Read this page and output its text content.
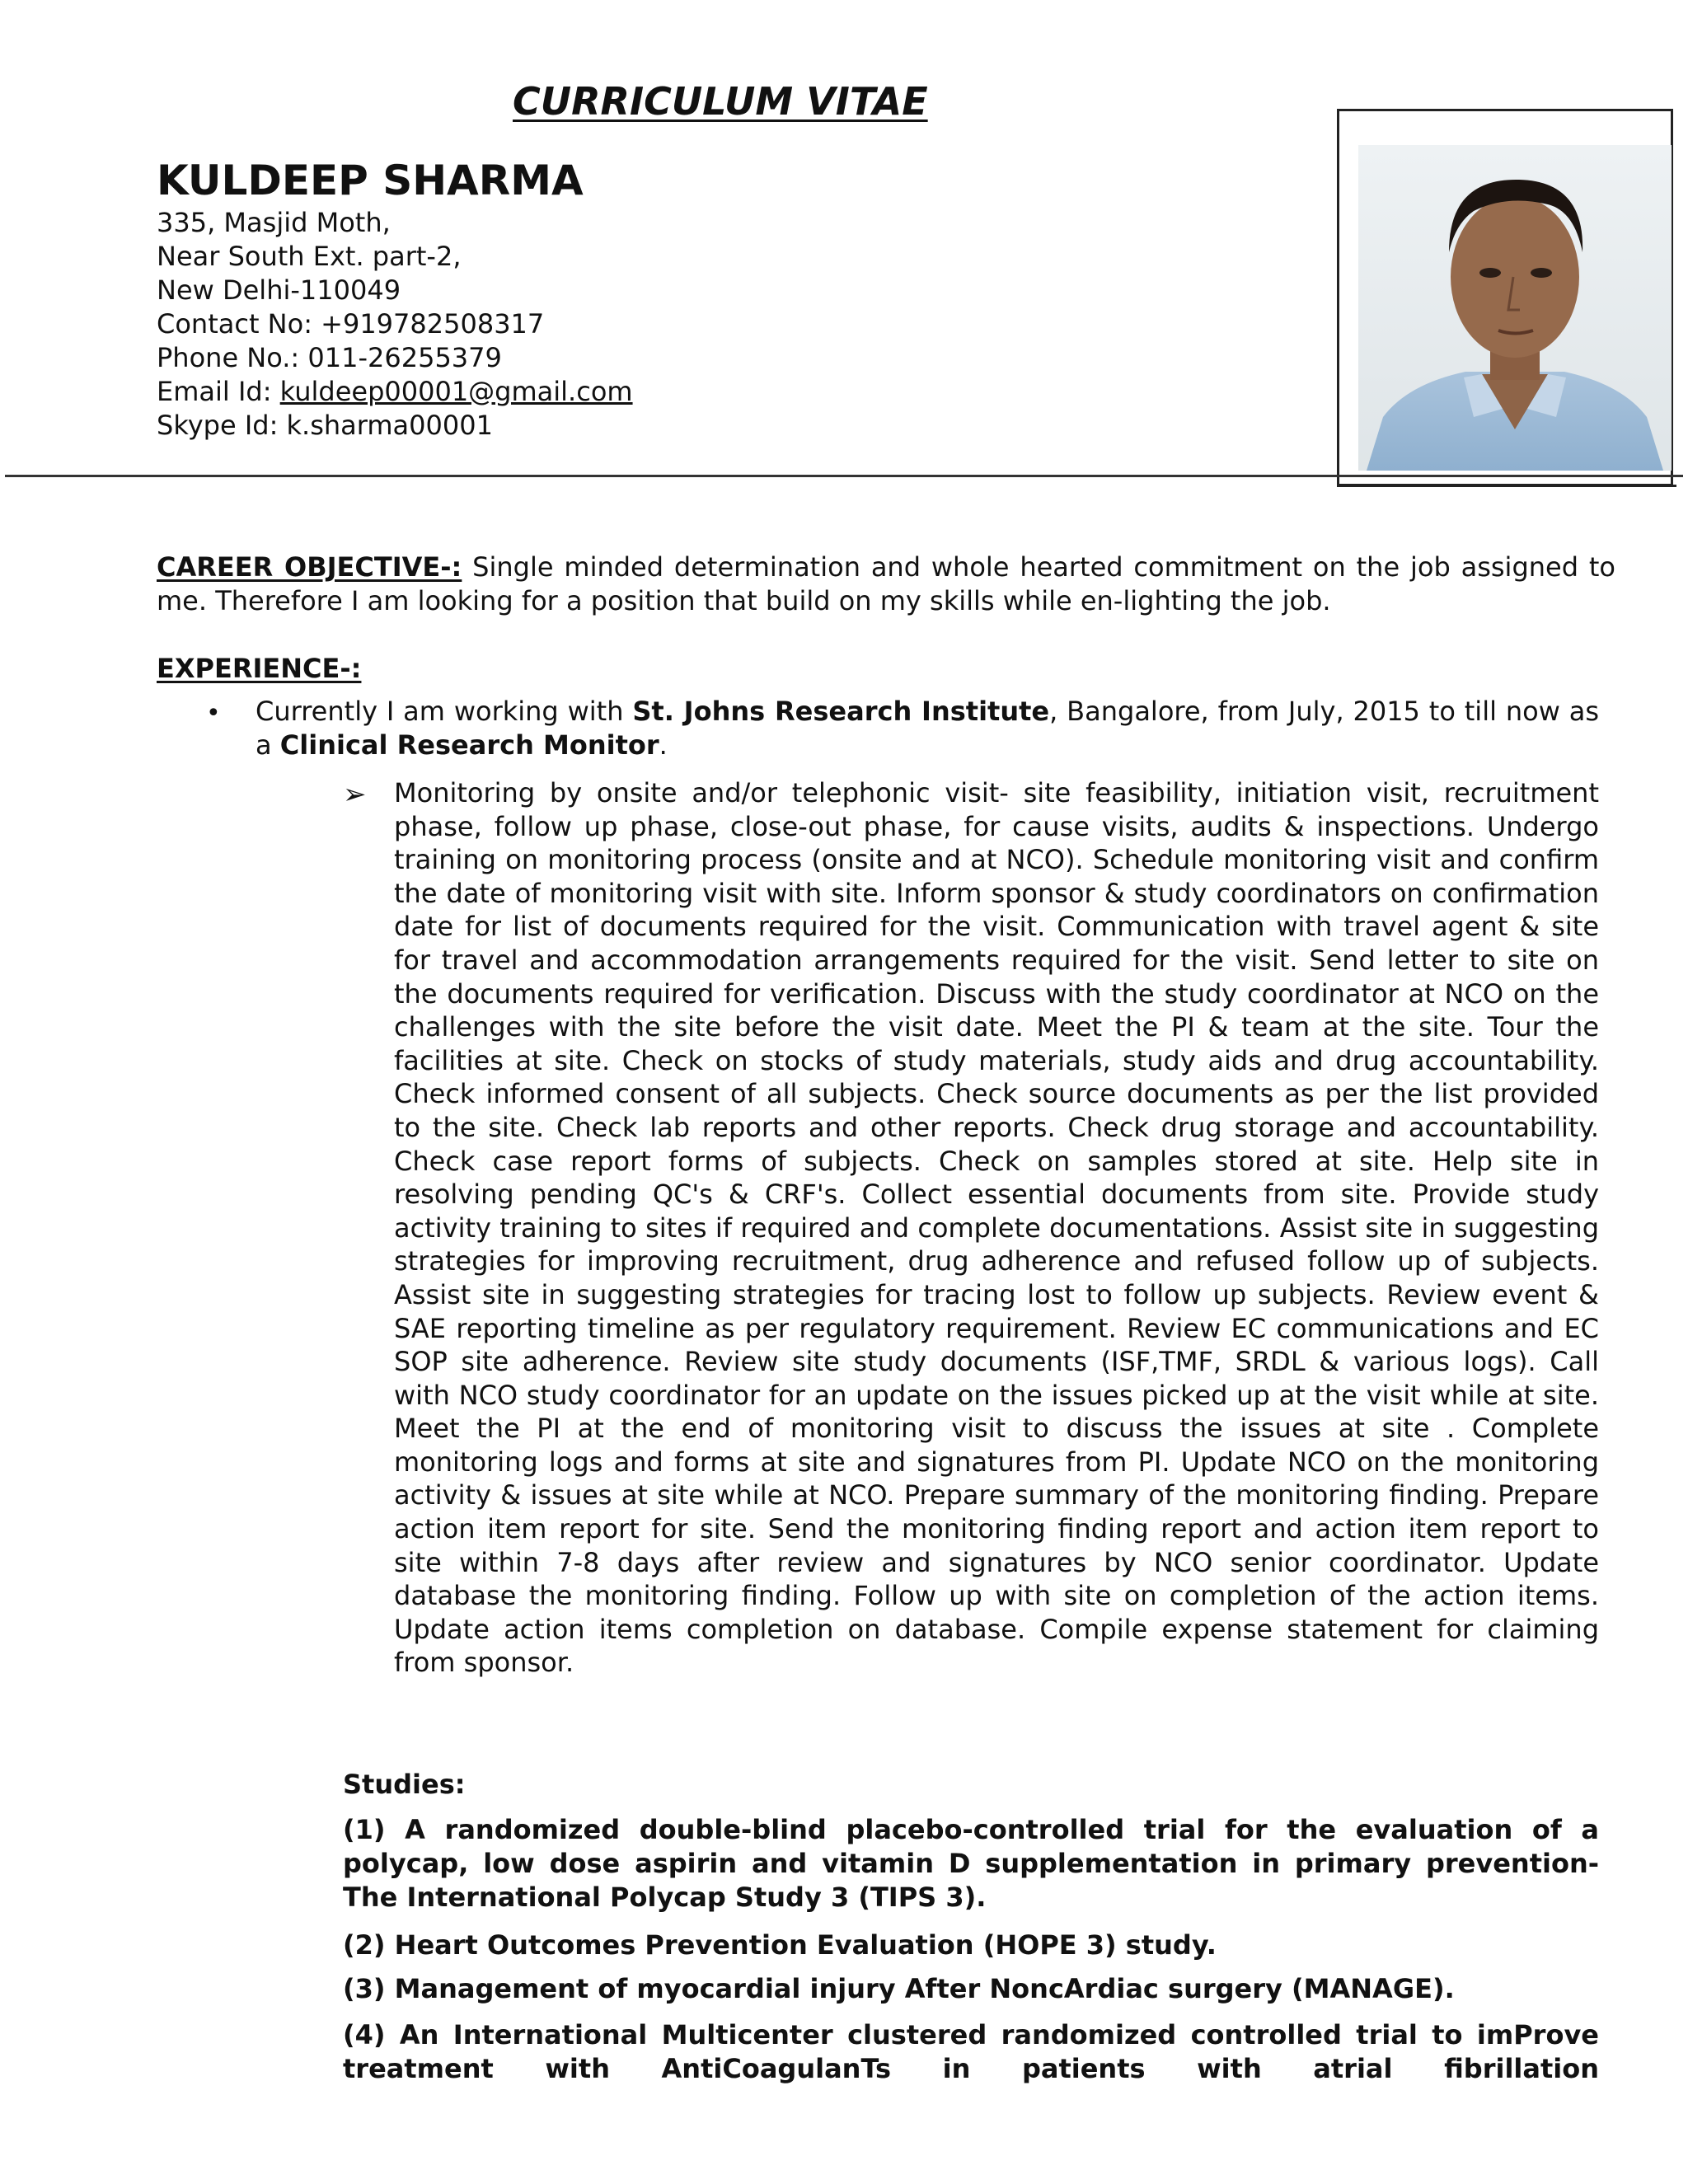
CURRICULUM VITAE
KULDEEP SHARMA
335, Masjid Moth,
Near South Ext. part-2,
New Delhi-110049
Contact No: +919782508317
Phone No.: 011-26255379
Email Id: kuldeep00001@gmail.com
Skype Id: k.sharma00001
CAREER OBJECTIVE-: Single minded determination and whole hearted commitment on the job assigned to me. Therefore I am looking for a position that build on my skills while en-lighting the job.
EXPERIENCE-:
• Currently I am working with St. Johns Research Institute, Bangalore, from July, 2015 to till now as a Clinical Research Monitor.
➢ Monitoring by onsite and/or telephonic visit- site feasibility, initiation visit, recruitment phase, follow up phase, close-out phase, for cause visits, audits & inspections. Undergo training on monitoring process (onsite and at NCO). Schedule monitoring visit and confirm the date of monitoring visit with site. Inform sponsor & study coordinators on confirmation date for list of documents required for the visit. Communication with travel agent & site for travel and accommodation arrangements required for the visit. Send letter to site on the documents required for verification. Discuss with the study coordinator at NCO on the challenges with the site before the visit date. Meet the PI & team at the site. Tour the facilities at site. Check on stocks of study materials, study aids and drug accountability. Check informed consent of all subjects. Check source documents as per the list provided to the site. Check lab reports and other reports. Check drug storage and accountability. Check case report forms of subjects. Check on samples stored at site. Help site in resolving pending QC's & CRF's. Collect essential documents from site. Provide study activity training to sites if required and complete documentations. Assist site in suggesting strategies for improving recruitment, drug adherence and refused follow up of subjects. Assist site in suggesting strategies for tracing lost to follow up subjects. Review event & SAE reporting timeline as per regulatory requirement. Review EC communications and EC SOP site adherence. Review site study documents (ISF,TMF, SRDL & various logs). Call with NCO study coordinator for an update on the issues picked up at the visit while at site. Meet the PI at the end of monitoring visit to discuss the issues at site . Complete monitoring logs and forms at site and signatures from PI. Update NCO on the monitoring activity & issues at site while at NCO. Prepare summary of the monitoring finding. Prepare action item report for site. Send the monitoring finding report and action item report to site within 7-8 days after review and signatures by NCO senior coordinator. Update database the monitoring finding. Follow up with site on completion of the action items. Update action items completion on database. Compile expense statement for claiming from sponsor.
Studies:
(1) A randomized double-blind placebo-controlled trial for the evaluation of a polycap, low dose aspirin and vitamin D supplementation in primary prevention- The International Polycap Study 3 (TIPS 3).
(2) Heart Outcomes Prevention Evaluation (HOPE 3) study.
(3) Management of myocardial injury After NoncArdiac surgery (MANAGE).
(4) An International Multicenter clustered randomized controlled trial to imProve treatment with AntiCoagulanTs in patients with atrial fibrillation
